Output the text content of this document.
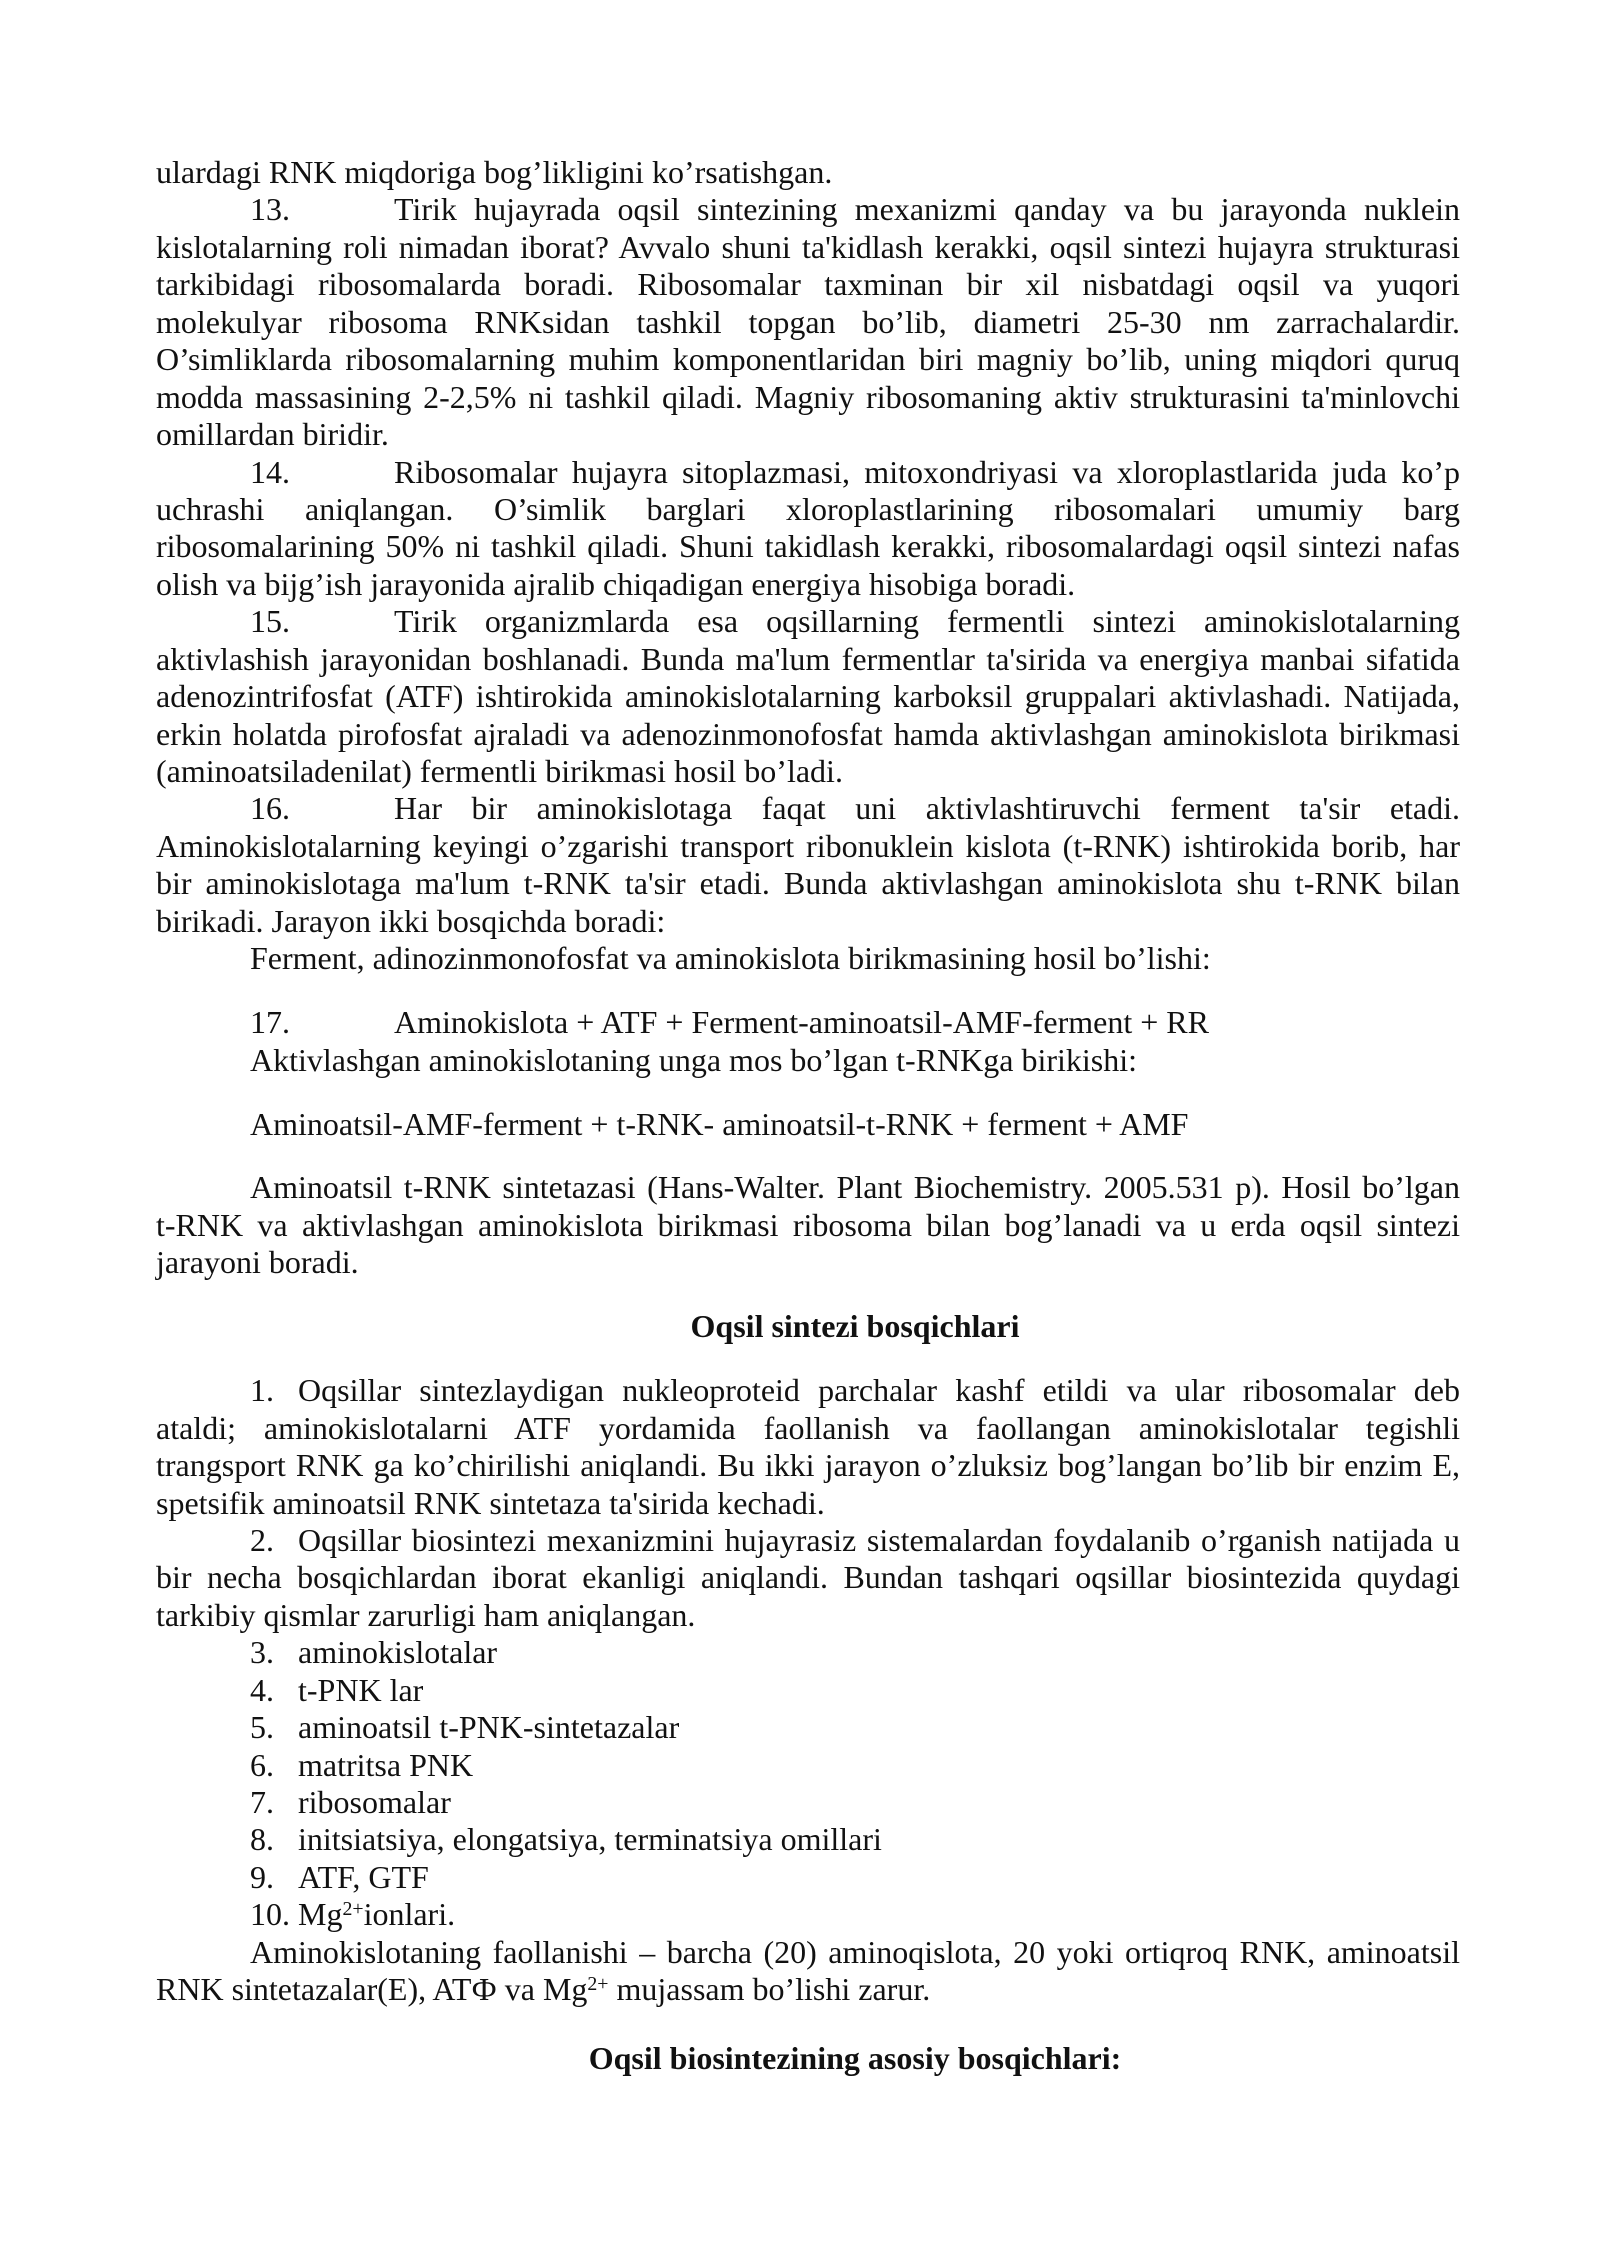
ulardagi RNK miqdoriga bog’likligini ko’rsatishgan.
13.	Tirik hujayrada oqsil sintezining mexanizmi qanday va bu jarayonda nuklein
kislotalarning roli nimadan iborat? Avvalo shuni ta'kidlash kerakki, oqsil sintezi hujayra strukturasi
tarkibidagi ribosomalarda boradi. Ribosomalar taxminan bir xil nisbatdagi oqsil va yuqori
molekulyar ribosoma RNKsidan tashkil topgan bo’lib, diametri 25-30 nm zarrachalardir.
O’simliklarda ribosomalarning muhim komponentlaridan biri magniy bo’lib, uning miqdori quruq
modda massasining 2-2,5% ni tashkil qiladi. Magniy ribosomaning aktiv strukturasini ta'minlovchi
omillardan biridir.
14.	Ribosomalar hujayra sitoplazmasi, mitoxondriyasi va xloroplastlarida juda ko’p
uchrashi aniqlangan. O’simlik barglari xloroplastlarining ribosomalari umumiy barg
ribosomalarining 50% ni tashkil qiladi. Shuni takidlash kerakki, ribosomalardagi oqsil sintezi nafas
olish va bijg’ish jarayonida ajralib chiqadigan energiya hisobiga boradi.
15.	Tirik organizmlarda esa oqsillarning fermentli sintezi aminokislotalarning
aktivlashish jarayonidan boshlanadi. Bunda ma'lum fermentlar ta'sirida va energiya manbai sifatida
adenozintrifosfat (ATF) ishtirokida aminokislotalarning karboksil gruppalari aktivlashadi. Natijada,
erkin holatda pirofosfat ajraladi va adenozinmonofosfat hamda aktivlashgan aminokislota birikmasi
(aminoatsiladenilat) fermentli birikmasi hosil bo’ladi.
16.	Har bir aminokislotaga faqat uni aktivlashtiruvchi ferment ta'sir etadi.
Aminokislotalarning keyingi o’zgarishi transport ribonuklein kislota (t-RNK) ishtirokida borib, har
bir aminokislotaga ma'lum t-RNK ta'sir etadi. Bunda aktivlashgan aminokislota shu t-RNK bilan
birikadi. Jarayon ikki bosqichda boradi:
Ferment, adinozinmonofosfat va aminokislota birikmasining hosil bo’lishi:
17.	Aminokislota + ATF + Ferment-aminoatsil-AMF-ferment + RR
Aktivlashgan aminokislotaning unga mos bo’lgan t-RNKga birikishi:
Aminoatsil-AMF-ferment + t-RNK- aminoatsil-t-RNK + ferment + AMF
Aminoatsil t-RNK sintetazasi (Hans-Walter. Plant Biochemistry. 2005.531 p). Hosil bo’lgan
t-RNK va aktivlashgan aminokislota birikmasi ribosoma bilan bog’lanadi va u erda oqsil sintezi
jarayoni boradi.
Oqsil sintezi bosqichlari
1. Oqsillar sintezlaydigan nukleoproteid parchalar kashf etildi va ular ribosomalar deb
ataldi; aminokislotalarni ATF yordamida faollanish va faollangan aminokislotalar tegishli
trangsport RNK ga ko’chirilishi aniqlandi. Bu ikki jarayon o’zluksiz bog’langan bo’lib bir enzim E,
spetsifik aminoatsil RNK sintetaza ta'sirida kechadi.
2. Oqsillar biosintezi mexanizmini hujayrasiz sistemalardan foydalanib o’rganish natijada u
bir necha bosqichlardan iborat ekanligi aniqlandi. Bundan tashqari oqsillar biosintezida quydagi
tarkibiy qismlar zarurligi ham aniqlangan.
3. aminokislotalar
4. t-PNK lar
5. aminoatsil t-PNK-sintetazalar
6. matritsa PNK
7. ribosomalar
8. initsiatsiya, elongatsiya, terminatsiya omillari
9. ATF, GTF
10. $Mg^{2+}ionlari$.
Aminokislotaning faollanishi – barcha (20) aminoqislota, 20 yoki ortiqroq RNK, aminoatsil
RNK sintetazalar(E), ATФ va $Mg^{2+}$ mujassam bo’lishi zarur.
Oqsil biosintezining asosiy bosqichlari:
